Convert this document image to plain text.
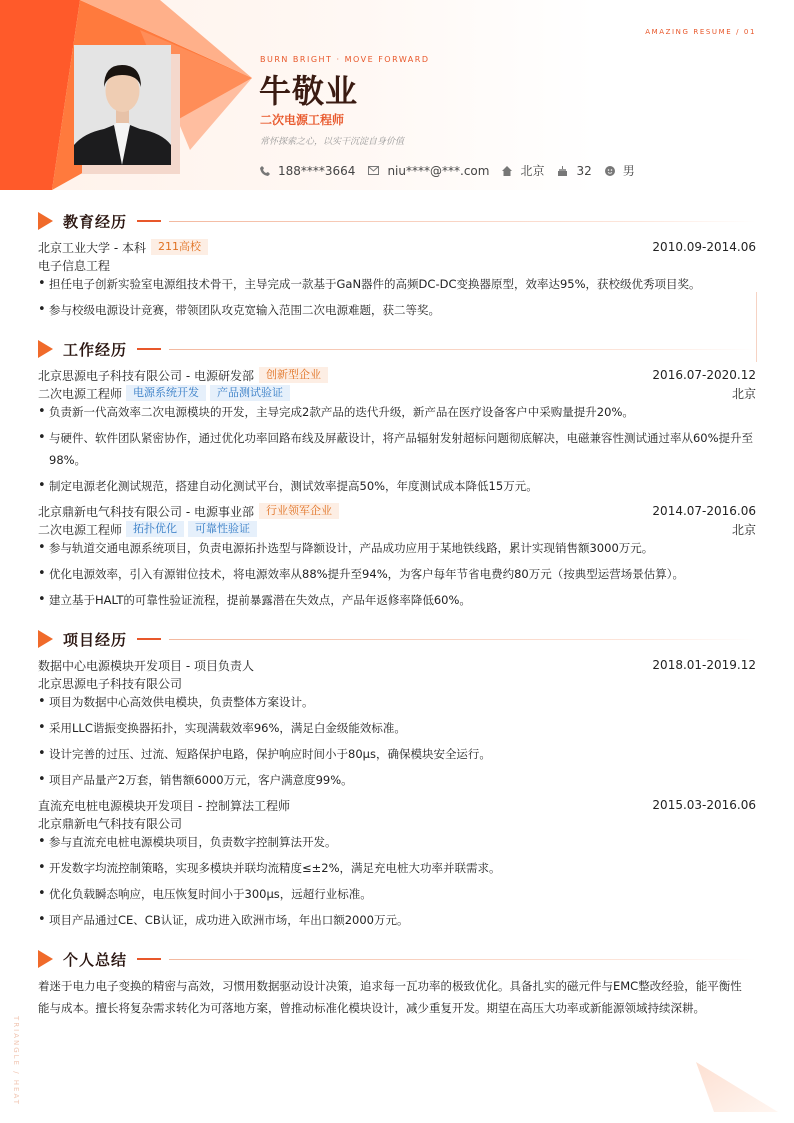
AMAZING RESUME / 01
BURN BRIGHT · MOVE FORWARD
牛敬业
二次电源工程师
常怀探索之心，以实干沉淀自身价值
188****3664	niu****@***.com	北京	32	男
教育经历
北京工业大学 - 本科	211高校	2010.09-2014.06
电子信息工程
• 担任电子创新实验室电源组技术骨干，主导完成一款基于GaN器件的高频DC-DC变换器原型，效率达95%，获校级优秀项目奖。
• 参与校级电源设计竞赛，带领团队攻克宽输入范围二次电源难题，获二等奖。
工作经历
北京思源电子科技有限公司 - 电源研发部	创新型企业	2016.07-2020.12
二次电源工程师	电源系统开发	产品测试验证	北京
• 负责新一代高效率二次电源模块的开发，主导完成2款产品的迭代升级，新产品在医疗设备客户中采购量提升20%。
• 与硬件、软件团队紧密协作，通过优化功率回路布线及屏蔽设计，将产品辐射发射超标问题彻底解决，电磁兼容性测试通过率从60%提升至98%。
• 制定电源老化测试规范，搭建自动化测试平台，测试效率提高50%，年度测试成本降低15万元。
北京鼎新电气科技有限公司 - 电源事业部	行业领军企业	2014.07-2016.06
二次电源工程师	拓扑优化	可靠性验证	北京
• 参与轨道交通电源系统项目，负责电源拓扑选型与降额设计，产品成功应用于某地铁线路，累计实现销售额3000万元。
• 优化电源效率，引入有源钳位技术，将电源效率从88%提升至94%，为客户每年节省电费约80万元（按典型运营场景估算）。
• 建立基于HALT的可靠性验证流程，提前暴露潜在失效点，产品年返修率降低60%。
项目经历
数据中心电源模块开发项目 - 项目负责人	2018.01-2019.12
北京思源电子科技有限公司
• 项目为数据中心高效供电模块，负责整体方案设计。
• 采用LLC谐振变换器拓扑，实现满载效率96%，满足白金级能效标准。
• 设计完善的过压、过流、短路保护电路，保护响应时间小于80μs，确保模块安全运行。
• 项目产品量产2万套，销售额6000万元，客户满意度99%。
直流充电桩电源模块开发项目 - 控制算法工程师	2015.03-2016.06
北京鼎新电气科技有限公司
• 参与直流充电桩电源模块项目，负责数字控制算法开发。
• 开发数字均流控制策略，实现多模块并联均流精度≤±2%，满足充电桩大功率并联需求。
• 优化负载瞬态响应，电压恢复时间小于300μs，远超行业标准。
• 项目产品通过CE、CB认证，成功进入欧洲市场，年出口额2000万元。
个人总结
着迷于电力电子变换的精密与高效，习惯用数据驱动设计决策，追求每一瓦功率的极致优化。具备扎实的磁元件与EMC整改经验，能平衡性能与成本。擅长将复杂需求转化为可落地方案，曾推动标准化模块设计，减少重复开发。期望在高压大功率或新能源领域持续深耕。
TRIANGLE / HEAT
